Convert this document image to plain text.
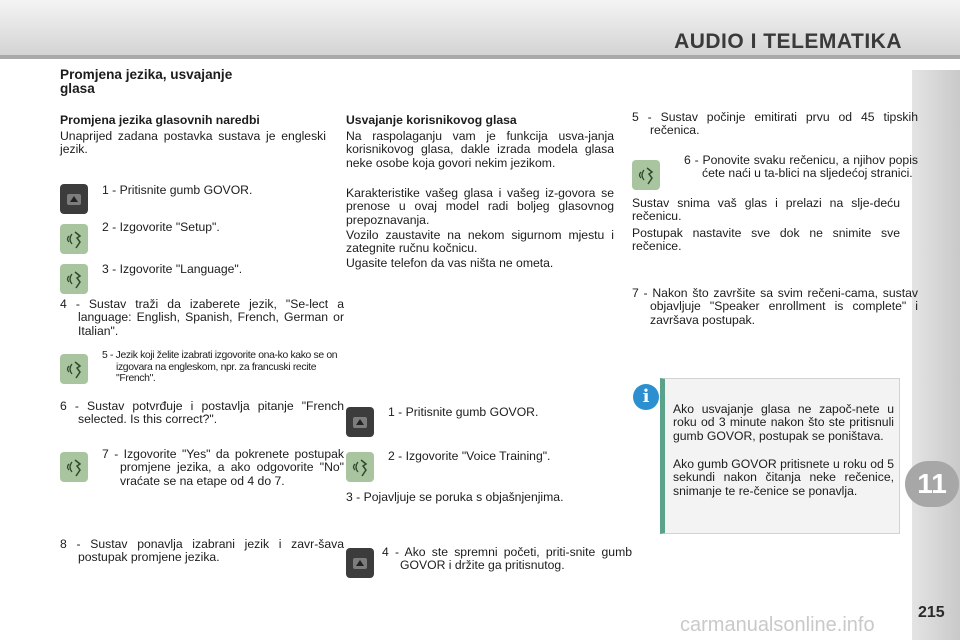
AUDIO I TELEMATIKA
11
carmanualsonline.info
215
Promjena jezika, usvajanje
glasa
Promjena jezika glasovnih naredbi
Unaprijed zadana postavka sustava je engleski jezik.
1 - Pritisnite gumb GOVOR.
2 - Izgovorite "Setup".
3 - Izgovorite "Language".
4 - Sustav traži da izaberete jezik, "Se-lect a language: English, Spanish, French, German or Italian".
5 - Jezik koji želite izabrati izgovorite ona-ko kako se on izgovara na engleskom, npr. za francuski recite "French".
6 - Sustav potvrđuje i postavlja pitanje "French selected. Is this correct?".
7 - Izgovorite "Yes" da pokrenete postupak promjene jezika, a ako odgovorite "No" vraćate se na etape od 4 do 7.
8 - Sustav ponavlja izabrani jezik i zavr-šava postupak promjene jezika.
Usvajanje korisnikovog glasa
Na raspolaganju vam je funkcija usva-janja korisnikovog glasa, dakle izrada modela glasa neke osobe koja govori nekim jezikom.
Karakteristike vašeg glasa i vašeg iz-govora se prenose u ovaj model radi boljeg glasovnog prepoznavanja.
Vozilo zaustavite na nekom sigurnom mjestu i zategnite ručnu kočnicu.
Ugasite telefon da vas ništa ne ometa.
1 - Pritisnite gumb GOVOR.
2 - Izgovorite "Voice Training".
3 - Pojavljuje se poruka s objašnjenjima.
4 - Ako ste spremni početi, priti-snite gumb GOVOR i držite ga pritisnutog.
5 - Sustav počinje emitirati prvu od 45 tipskih rečenica.
6 - Ponovite svaku rečenicu, a njihov popis ćete naći u ta-blici na sljedećoj stranici.
Sustav snima vaš glas i prelazi na slje-deću rečenicu.
Postupak nastavite sve dok ne snimite sve rečenice.
7 - Nakon što završite sa svim rečeni-cama, sustav objavljuje "Speaker enrollment is complete" i završava postupak.
i
Ako usvajanje glasa ne započ-nete u roku od 3 minute nakon što ste pritisnuli gumb GOVOR, postupak se poništava.
Ako gumb GOVOR pritisnete u roku od 5 sekundi nakon čitanja neke rečenice, snimanje te re-čenice se ponavlja.
